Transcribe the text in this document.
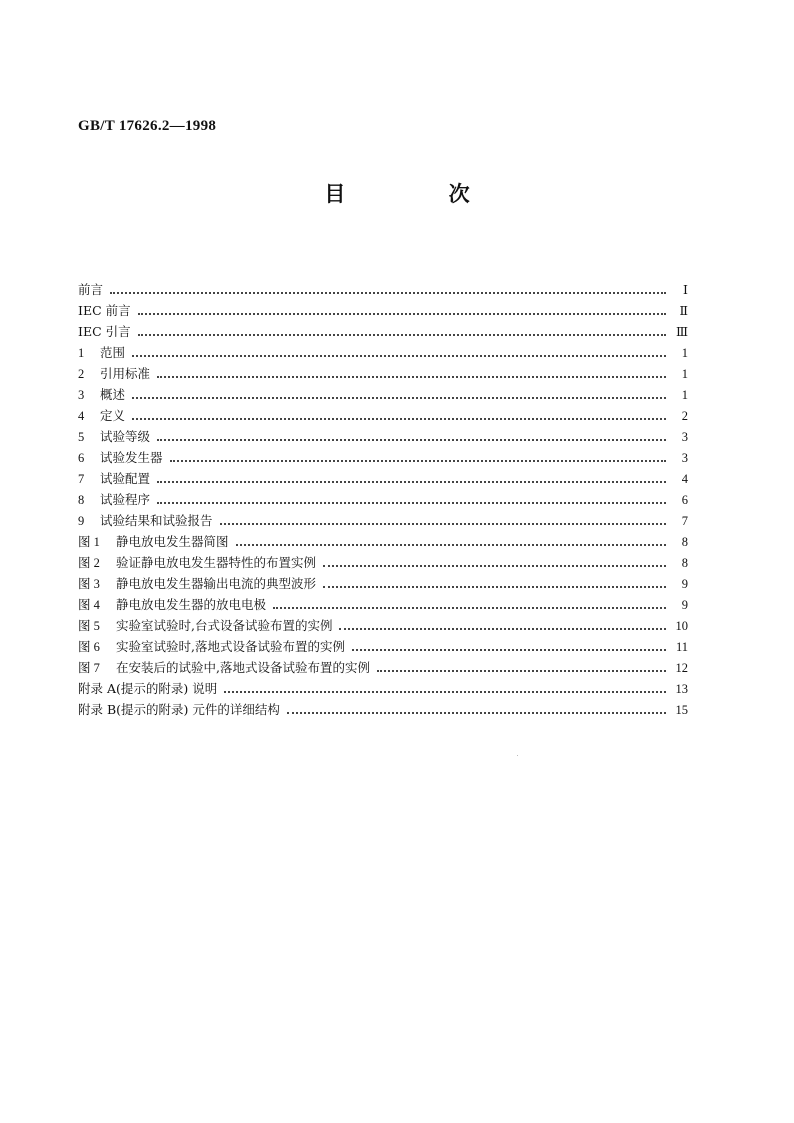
GB/T 17626.2—1998
目 次
前言	Ⅰ
IEC 前言	Ⅱ
IEC 引言	Ⅲ
1	范围	1
2	引用标准	1
3	概述	1
4	定义	2
5	试验等级	3
6	试验发生器	3
7	试验配置	4
8	试验程序	6
9	试验结果和试验报告	7
图 1	静电放电发生器简图	8
图 2	验证静电放电发生器特性的布置实例	8
图 3	静电放电发生器输出电流的典型波形	9
图 4	静电放电发生器的放电电极	9
图 5	实验室试验时,台式设备试验布置的实例	10
图 6	实验室试验时,落地式设备试验布置的实例	11
图 7	在安装后的试验中,落地式设备试验布置的实例	12
附录 A(提示的附录) 说明	13
附录 B(提示的附录) 元件的详细结构	15
